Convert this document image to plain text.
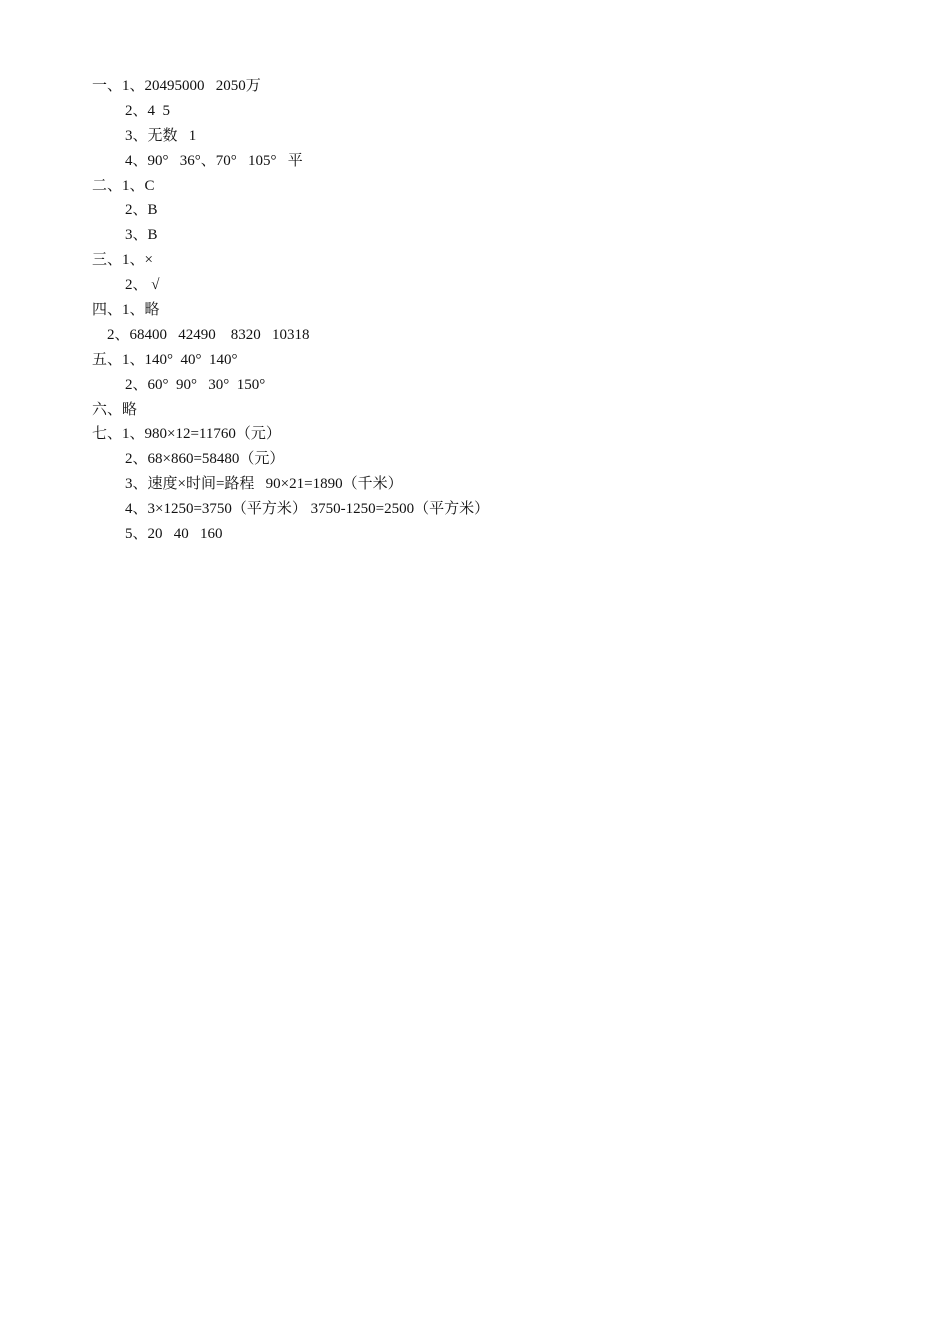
一、1、20495000   2050万
2、4  5
3、无数   1
4、90°   36°、70°   105°   平
二、1、C
2、B
3、B
三、1、×
2、 √
四、1、略
2、68400   42490    8320   10318
五、1、140°  40°  140°
2、60°  90°   30°  150°
六、略
七、1、980×12=11760（元）
2、68×860=58480（元）
3、速度×时间=路程   90×21=1890（千米）
4、3×1250=3750（平方米） 3750-1250=2500（平方米）
5、20   40   160
